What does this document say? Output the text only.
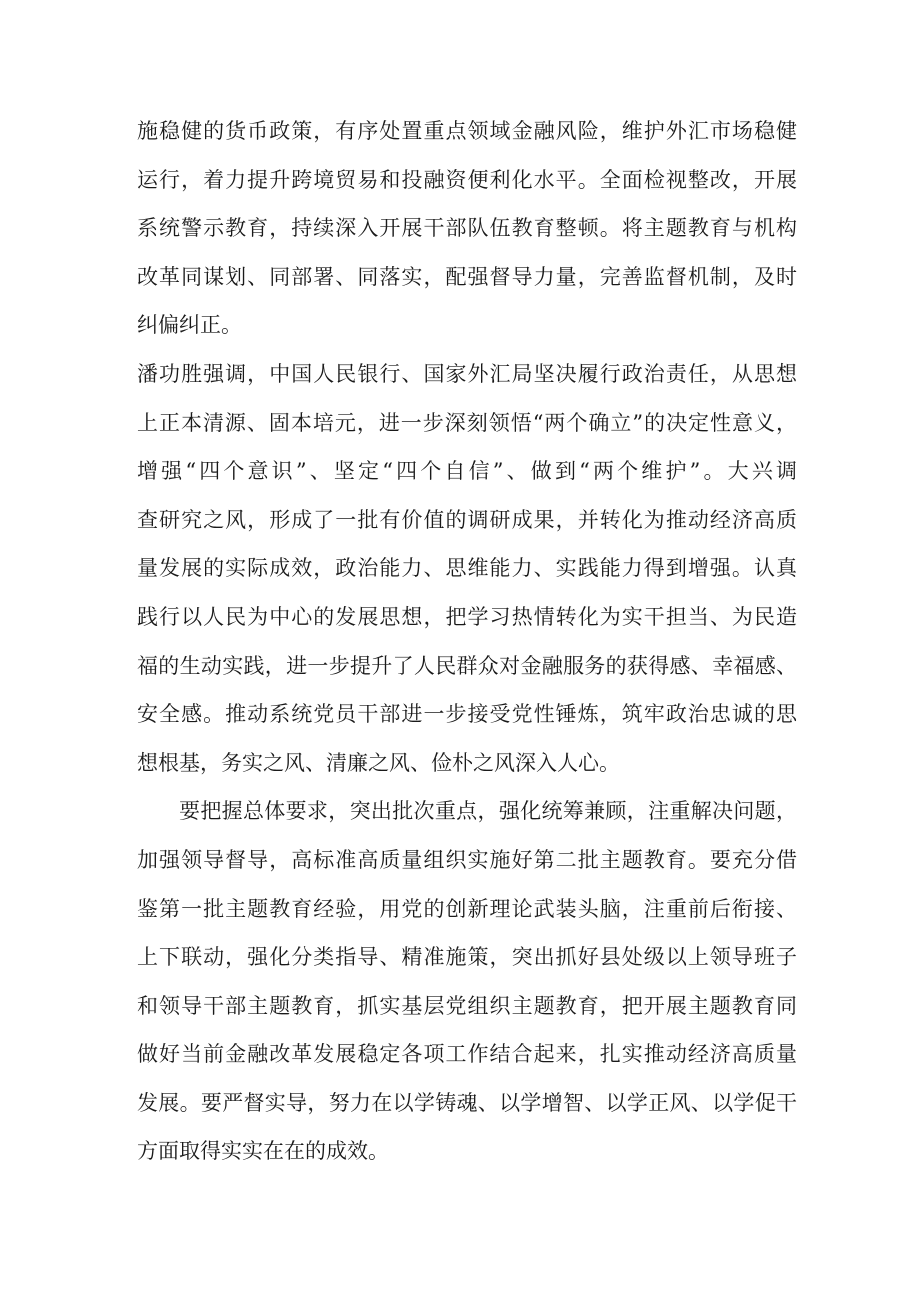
施稳健的货币政策，有序处置重点领域金融风险，维护外汇市场稳健
运行，着力提升跨境贸易和投融资便利化水平。全面检视整改，开展
系统警示教育，持续深入开展干部队伍教育整顿。将主题教育与机构
改革同谋划、同部署、同落实，配强督导力量，完善监督机制，及时
纠偏纠正。
潘功胜强调，中国人民银行、国家外汇局坚决履行政治责任，从思想
上正本清源、固本培元，进一步深刻领悟“两个确立”的决定性意义，
增强“四个意识”、坚定“四个自信”、做到“两个维护”。大兴调
查研究之风，形成了一批有价值的调研成果，并转化为推动经济高质
量发展的实际成效，政治能力、思维能力、实践能力得到增强。认真
践行以人民为中心的发展思想，把学习热情转化为实干担当、为民造
福的生动实践，进一步提升了人民群众对金融服务的获得感、幸福感、
安全感。推动系统党员干部进一步接受党性锤炼，筑牢政治忠诚的思
想根基，务实之风、清廉之风、俭朴之风深入人心。
要把握总体要求，突出批次重点，强化统筹兼顾，注重解决问题，
加强领导督导，高标准高质量组织实施好第二批主题教育。要充分借
鉴第一批主题教育经验，用党的创新理论武装头脑，注重前后衔接、
上下联动，强化分类指导、精准施策，突出抓好县处级以上领导班子
和领导干部主题教育，抓实基层党组织主题教育，把开展主题教育同
做好当前金融改革发展稳定各项工作结合起来，扎实推动经济高质量
发展。要严督实导，努力在以学铸魂、以学增智、以学正风、以学促干
方面取得实实在在的成效。
